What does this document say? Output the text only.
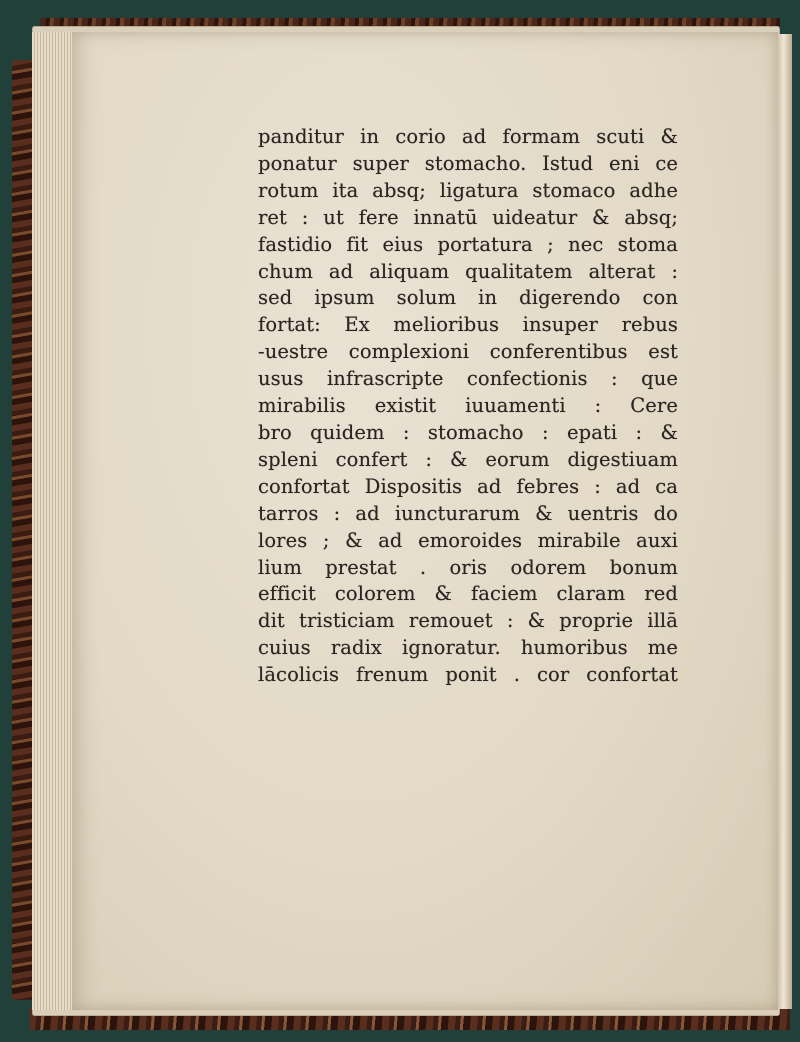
panditur in corio ad formam scuti &
ponatur super stomacho. Istud eni ce
rotum ita absq; ligatura stomaco adhe
ret : ut fere innatū uideatur & absq;
fastidio fit eius portatura ; nec stoma
chum ad aliquam qualitatem alterat :
sed ipsum solum in digerendo con
fortat: Ex melioribus insuper rebus
-uestre complexioni conferentibus est
usus infrascripte confectionis : que
mirabilis existit iuuamenti : Cere
bro quidem : stomacho : epati : &
spleni confert : & eorum digestiuam
confortat Dispositis ad febres : ad ca
tarros : ad iuncturarum & uentris do
lores ; & ad emoroides mirabile auxi
lium prestat . oris odorem bonum
efficit colorem & faciem claram red
dit tristiciam remouet : & proprie illā
cuius radix ignoratur. humoribus me
lācolicis frenum ponit . cor confortat
